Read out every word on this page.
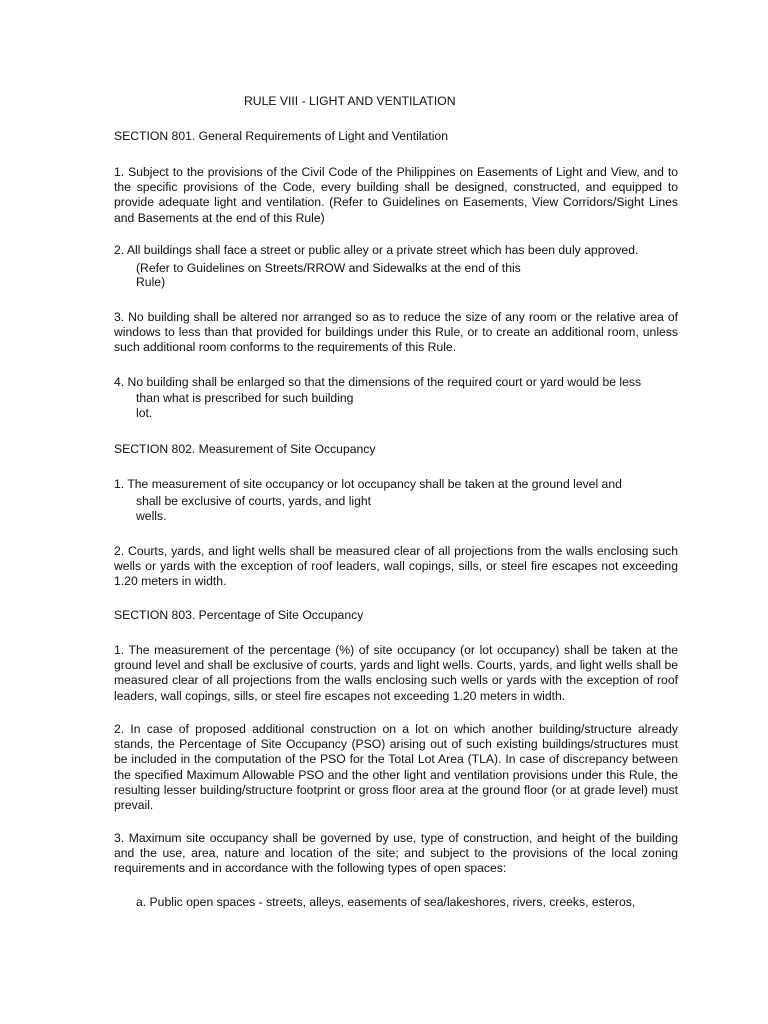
RULE VIII - LIGHT AND VENTILATION

SECTION 801. General Requirements of Light and Ventilation

1. Subject to the provisions of the Civil Code of the Philippines on Easements of Light and View, and to the specific provisions of the Code, every building shall be designed, constructed, and equipped to provide adequate light and ventilation. (Refer to Guidelines on Easements, View Corridors/Sight Lines and Basements at the end of this Rule)

2. All buildings shall face a street or public alley or a private street which has been duly approved.

(Refer to Guidelines on Streets/RROW and Sidewalks at the end of this

Rule)

3. No building shall be altered nor arranged so as to reduce the size of any room or the relative area of windows to less than that provided for buildings under this Rule, or to create an additional room, unless such additional room conforms to the requirements of this Rule.

4. No building shall be enlarged so that the dimensions of the required court or yard would be less

than what is prescribed for such building

lot.

SECTION 802. Measurement of Site Occupancy

1. The measurement of site occupancy or lot occupancy shall be taken at the ground level and

shall be exclusive of courts, yards, and light

wells.

2. Courts, yards, and light wells shall be measured clear of all projections from the walls enclosing such wells or yards with the exception of roof leaders, wall copings, sills, or steel fire escapes not exceeding 1.20 meters in width.

SECTION 803. Percentage of Site Occupancy

1. The measurement of the percentage (%) of site occupancy (or lot occupancy) shall be taken at the ground level and shall be exclusive of courts, yards and light wells. Courts, yards, and light wells shall be measured clear of all projections from the walls enclosing such wells or yards with the exception of roof leaders, wall copings, sills, or steel fire escapes not exceeding 1.20 meters in width.

2. In case of proposed additional construction on a lot on which another building/structure already stands, the Percentage of Site Occupancy (PSO) arising out of such existing buildings/structures must be included in the computation of the PSO for the Total Lot Area (TLA). In case of discrepancy between the specified Maximum Allowable PSO and the other light and ventilation provisions under this Rule, the resulting lesser building/structure footprint or gross floor area at the ground floor (or at grade level) must prevail.

3. Maximum site occupancy shall be governed by use, type of construction, and height of the building and the use, area, nature and location of the site; and subject to the provisions of the local zoning requirements and in accordance with the following types of open spaces:

a. Public open spaces - streets, alleys, easements of sea/lakeshores, rivers, creeks, esteros,
